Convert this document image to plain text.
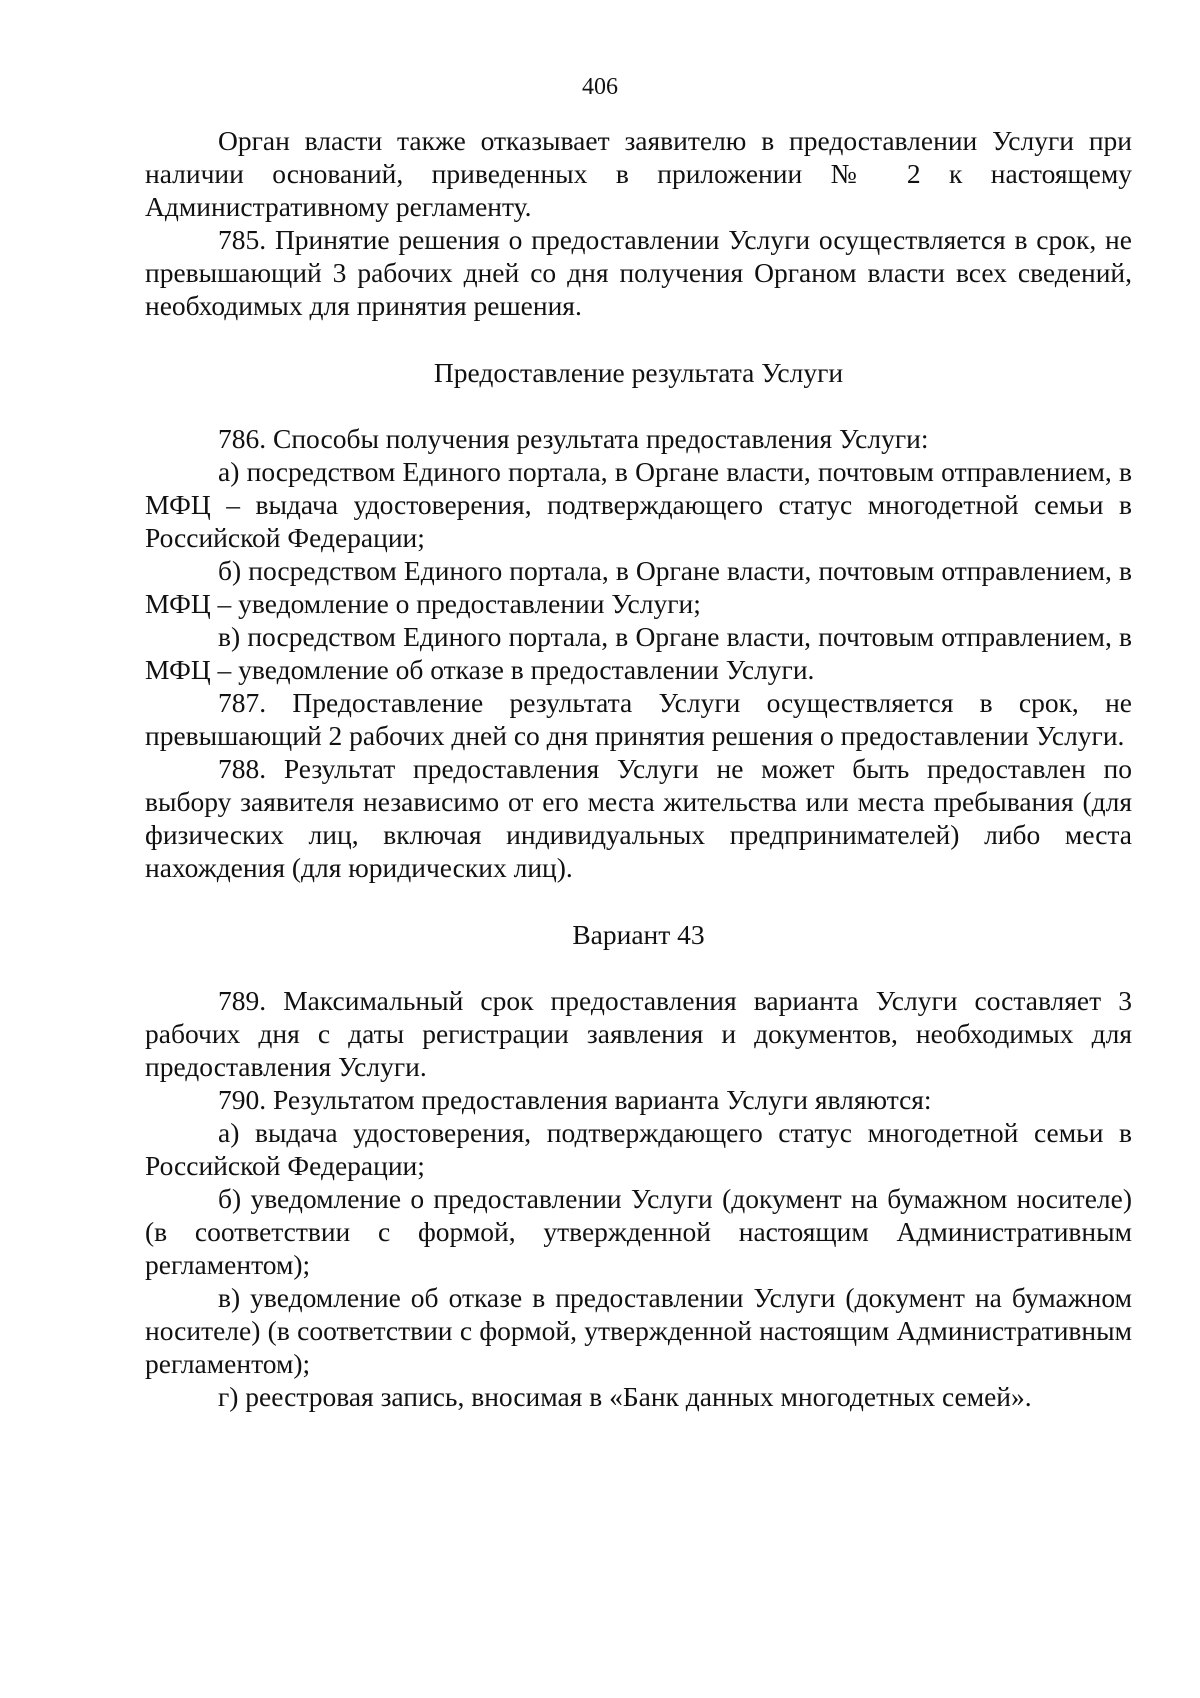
406

Орган власти также отказывает заявителю в предоставлении Услуги при наличии оснований, приведенных в приложении № 2 к настоящему Административному регламенту.

785. Принятие решения о предоставлении Услуги осуществляется в срок, не превышающий 3 рабочих дней со дня получения Органом власти всех сведений, необходимых для принятия решения.

Предоставление результата Услуги

786. Способы получения результата предоставления Услуги:

а) посредством Единого портала, в Органе власти, почтовым отправлением, в МФЦ – выдача удостоверения, подтверждающего статус многодетной семьи в Российской Федерации;

б) посредством Единого портала, в Органе власти, почтовым отправлением, в МФЦ – уведомление о предоставлении Услуги;

в) посредством Единого портала, в Органе власти, почтовым отправлением, в МФЦ – уведомление об отказе в предоставлении Услуги.

787. Предоставление результата Услуги осуществляется в срок, не превышающий 2 рабочих дней со дня принятия решения о предоставлении Услуги.

788. Результат предоставления Услуги не может быть предоставлен по выбору заявителя независимо от его места жительства или места пребывания (для физических лиц, включая индивидуальных предпринимателей) либо места нахождения (для юридических лиц).

Вариант 43

789. Максимальный срок предоставления варианта Услуги составляет 3 рабочих дня с даты регистрации заявления и документов, необходимых для предоставления Услуги.

790. Результатом предоставления варианта Услуги являются:

а) выдача удостоверения, подтверждающего статус многодетной семьи в Российской Федерации;

б) уведомление о предоставлении Услуги (документ на бумажном носителе) (в соответствии с формой, утвержденной настоящим Административным регламентом);

в) уведомление об отказе в предоставлении Услуги (документ на бумажном носителе) (в соответствии с формой, утвержденной настоящим Административным регламентом);

г) реестровая запись, вносимая в «Банк данных многодетных семей».
